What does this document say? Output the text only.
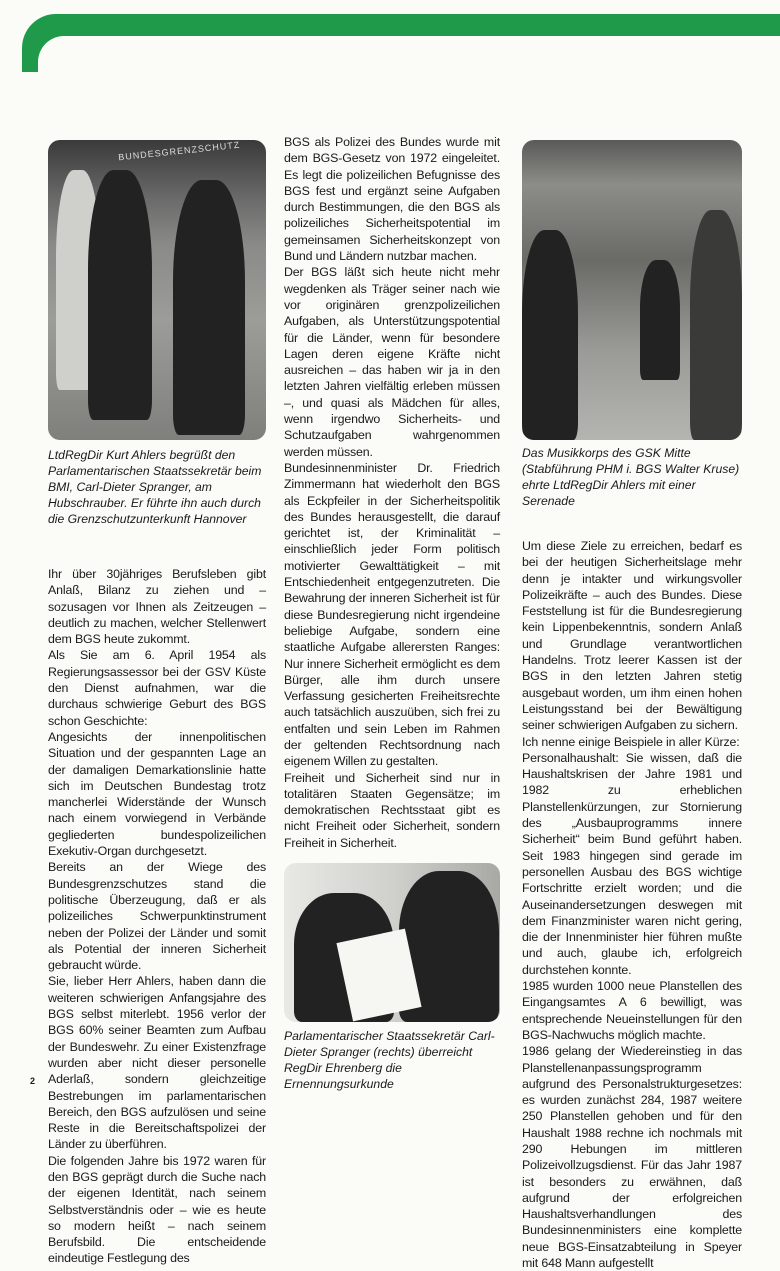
BUNDESGRENZSCHUTZ
LtdRegDir Kurt Ahlers begrüßt den Parlamentarischen Staatssekretär beim BMI, Carl-Dieter Spranger, am Hubschrauber. Er führte ihn auch durch die Grenzschutzunterkunft Hannover

Ihr über 30jähriges Berufsleben gibt Anlaß, Bilanz zu ziehen und – sozusagen vor Ihnen als Zeitzeugen – deutlich zu machen, welcher Stellenwert dem BGS heute zukommt.

Als Sie am 6. April 1954 als Regierungsassessor bei der GSV Küste den Dienst aufnahmen, war die durchaus schwierige Geburt des BGS schon Geschichte:

Angesichts der innenpolitischen Situation und der gespannten Lage an der damaligen Demarkationslinie hatte sich im Deutschen Bundestag trotz mancherlei Widerstände der Wunsch nach einem vorwiegend in Verbände gegliederten bundespolizeilichen Exekutiv-Organ durchgesetzt.

Bereits an der Wiege des Bundesgrenzschutzes stand die politische Überzeugung, daß er als polizeiliches Schwerpunktinstrument neben der Polizei der Länder und somit als Potential der inneren Sicherheit gebraucht würde.

Sie, lieber Herr Ahlers, haben dann die weiteren schwierigen Anfangsjahre des BGS selbst miterlebt. 1956 verlor der BGS 60% seiner Beamten zum Aufbau der Bundeswehr. Zu einer Existenzfrage wurden aber nicht dieser personelle Aderlaß, sondern gleichzeitige Bestrebungen im parlamentarischen Bereich, den BGS aufzulösen und seine Reste in die Bereitschaftspolizei der Länder zu überführen.

Die folgenden Jahre bis 1972 waren für den BGS geprägt durch die Suche nach der eigenen Identität, nach seinem Selbstverständnis oder – wie es heute so modern heißt – nach seinem Berufsbild. Die entscheidende eindeutige Festlegung des

BGS als Polizei des Bundes wurde mit dem BGS-Gesetz von 1972 eingeleitet. Es legt die polizeilichen Befugnisse des BGS fest und ergänzt seine Aufgaben durch Bestimmungen, die den BGS als polizeiliches Sicherheitspotential im gemeinsamen Sicherheitskonzept von Bund und Ländern nutzbar machen.

Der BGS läßt sich heute nicht mehr wegdenken als Träger seiner nach wie vor originären grenzpolizeilichen Aufgaben, als Unterstützungspotential für die Länder, wenn für besondere Lagen deren eigene Kräfte nicht ausreichen – das haben wir ja in den letzten Jahren vielfältig erleben müssen –, und quasi als Mädchen für alles, wenn irgendwo Sicherheits- und Schutzaufgaben wahrgenommen werden müssen.

Bundesinnenminister Dr. Friedrich Zimmermann hat wiederholt den BGS als Eckpfeiler in der Sicherheitspolitik des Bundes herausgestellt, die darauf gerichtet ist, der Kriminalität – einschließlich jeder Form politisch motivierter Gewalttätigkeit – mit Entschiedenheit entgegenzutreten. Die Bewahrung der inneren Sicherheit ist für diese Bundesregierung nicht irgendeine beliebige Aufgabe, sondern eine staatliche Aufgabe allerersten Ranges: Nur innere Sicherheit ermöglicht es dem Bürger, alle ihm durch unsere Verfassung gesicherten Freiheitsrechte auch tatsächlich auszuüben, sich frei zu entfalten und sein Leben im Rahmen der geltenden Rechtsordnung nach eigenem Willen zu gestalten.

Freiheit und Sicherheit sind nur in totalitären Staaten Gegensätze; im demokratischen Rechtsstaat gibt es nicht Freiheit oder Sicherheit, sondern Freiheit in Sicherheit.

Parlamentarischer Staatssekretär Carl-Dieter Spranger (rechts) überreicht RegDir Ehrenberg die Ernennungsurkunde
Das Musikkorps des GSK Mitte (Stabführung PHM i. BGS Walter Kruse) ehrte LtdRegDir Ahlers mit einer Serenade

Um diese Ziele zu erreichen, bedarf es bei der heutigen Sicherheitslage mehr denn je intakter und wirkungsvoller Polizeikräfte – auch des Bundes. Diese Feststellung ist für die Bundesregierung kein Lippenbekenntnis, sondern Anlaß und Grundlage verantwortlichen Handelns. Trotz leerer Kassen ist der BGS in den letzten Jahren stetig ausgebaut worden, um ihm einen hohen Leistungsstand bei der Bewältigung seiner schwierigen Aufgaben zu sichern.

Ich nenne einige Beispiele in aller Kürze:

Personalhaushalt: Sie wissen, daß die Haushaltskrisen der Jahre 1981 und 1982 zu erheblichen Planstellenkürzungen, zur Stornierung des „Ausbauprogramms innere Sicherheit“ beim Bund geführt haben. Seit 1983 hingegen sind gerade im personellen Ausbau des BGS wichtige Fortschritte erzielt worden; und die Auseinandersetzungen deswegen mit dem Finanzminister waren nicht gering, die der Innenminister hier führen mußte und auch, glaube ich, erfolgreich durchstehen konnte.

1985 wurden 1000 neue Planstellen des Eingangsamtes A 6 bewilligt, was entsprechende Neueinstellungen für den BGS-Nachwuchs möglich machte.

1986 gelang der Wiedereinstieg in das Planstellenanpassungsprogramm aufgrund des Personalstrukturgesetzes: es wurden zunächst 284, 1987 weitere 250 Planstellen gehoben und für den Haushalt 1988 rechne ich nochmals mit 290 Hebungen im mittleren Polizeivollzugsdienst. Für das Jahr 1987 ist besonders zu erwähnen, daß aufgrund der erfolgreichen Haushaltsverhandlungen des Bundesinnenministers eine komplette neue BGS-Einsatzabteilung in Speyer mit 648 Mann aufgestellt

2
